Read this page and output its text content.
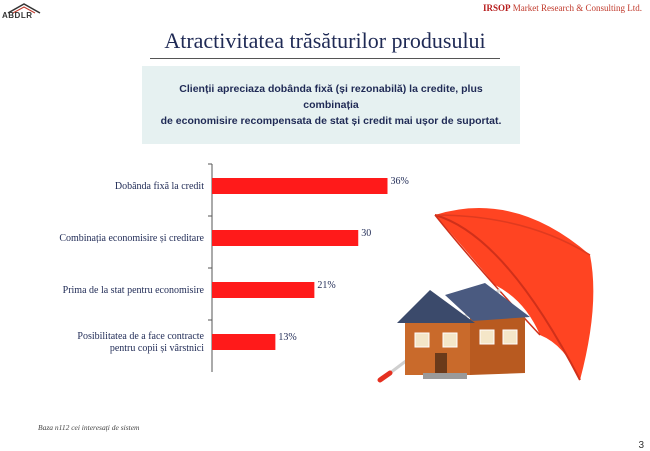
ABDLR
IRSOP Market Research & Consulting Ltd.
Atractivitatea trăsăturilor produsului
Clienții apreciaza dobânda fixă (și rezonabilă) la credite, plus combinația
de economisire recompensata de stat și credit mai ușor de suportat.
36%
Dobânda fixă la credit
30
Combinația economisire și creditare
21%
Prima de la stat pentru economisire
13%
Posibilitatea de a face contracte pentru copii și vârstnici
Baza n112 cei interesați de sistem
3
